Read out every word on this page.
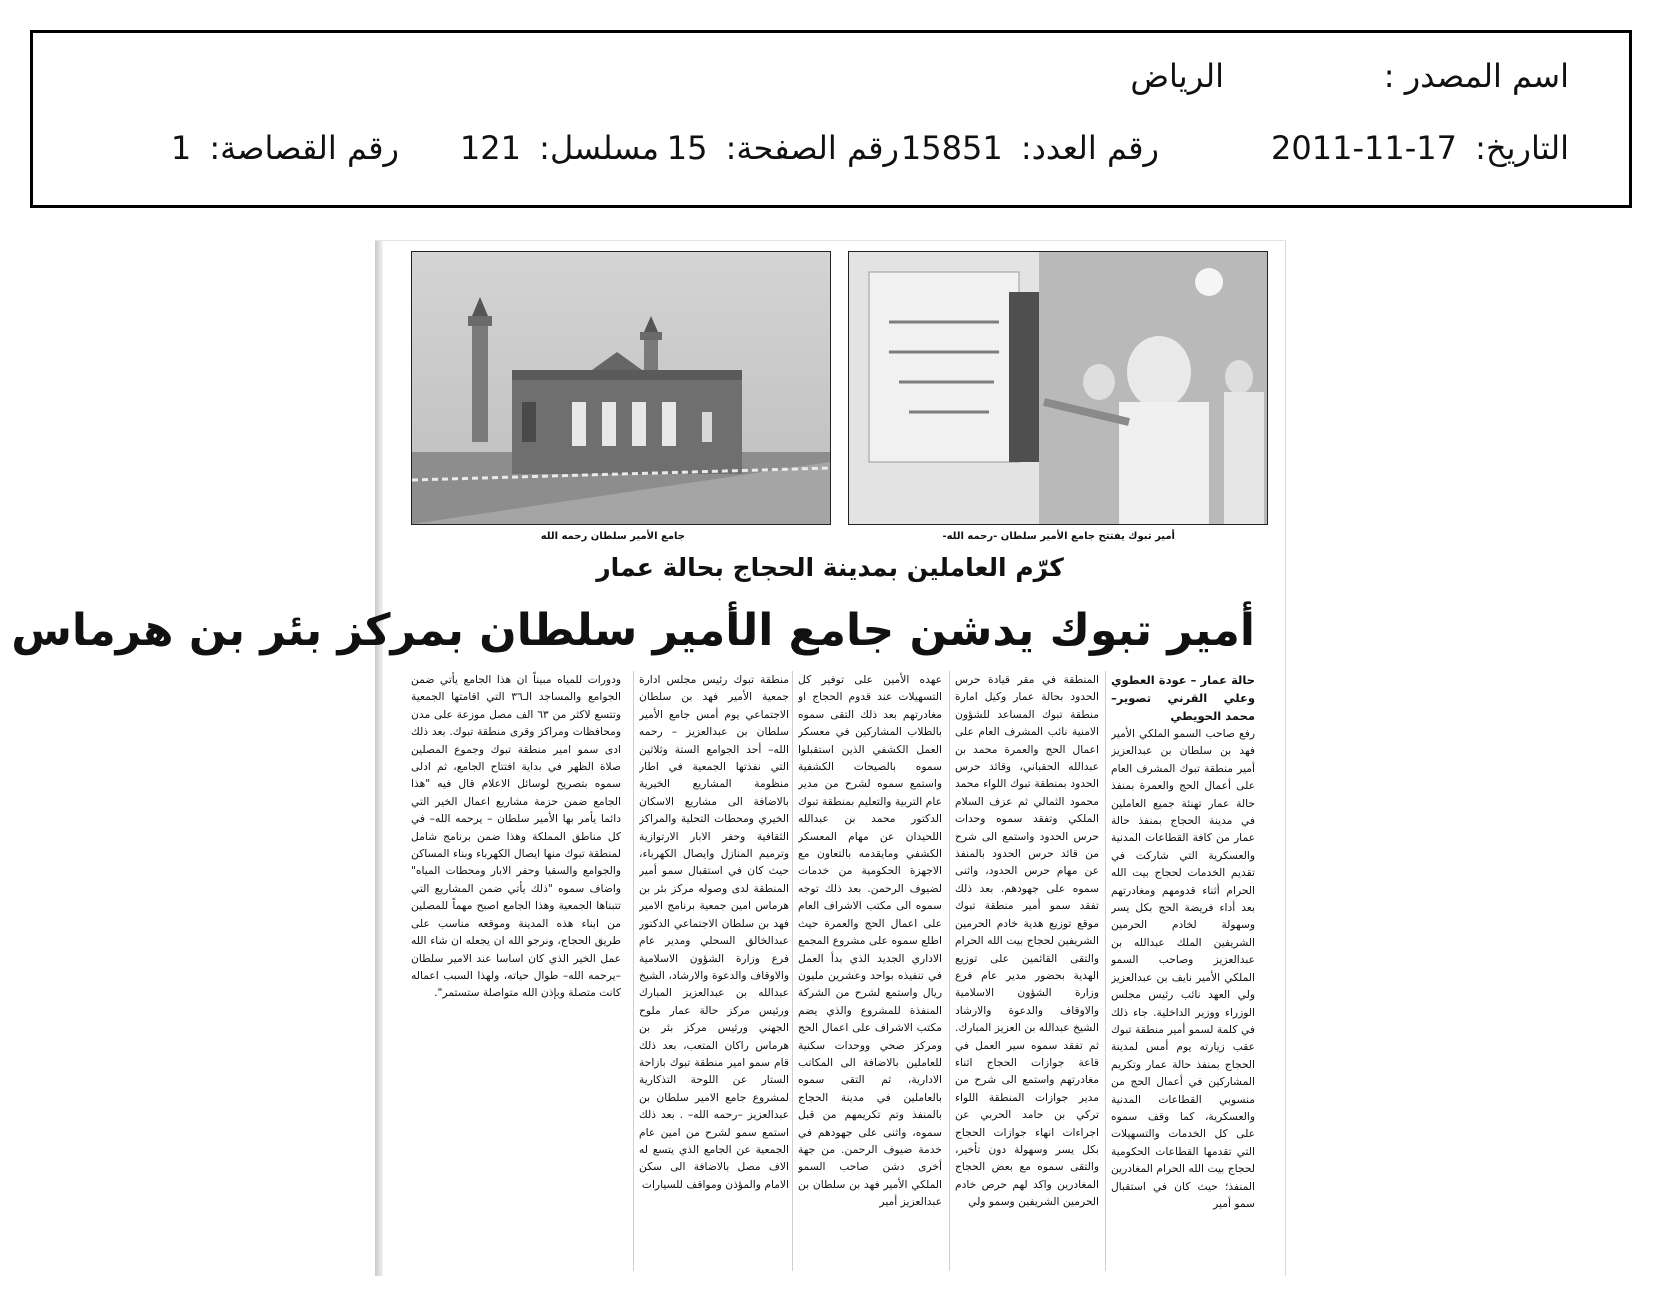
اسم المصدر :
الرياض
التاريخ: 2011-11-17
رقم العدد: 15851
رقم الصفحة: 15
مسلسل: 121
رقم القصاصة: 1
أمير تبوك يفتتح جامع الأمير سلطان -رحمه الله-
جامع الأمير سلطان رحمه الله
كرّم العاملين بمدينة الحجاج بحالة عمار
أمير تبوك يدشن جامع الأمير سلطان بمركز بئر بن هرماس
حالة عمار – عودة العطوي وعلي القرني تصوير– محمد الحويطي
رفع صاحب السمو الملكي الأمير فهد بن سلطان بن عبدالعزيز أمير منطقة تبوك المشرف العام على أعمال الحج والعمرة بمنفذ حالة عمار تهنئة جميع العاملين في مدينة الحجاج بمنفذ حالة عمار من كافة القطاعات المدنية والعسكرية التي شاركت في تقديم الخدمات لحجاج بيت الله الحرام أثناء قدومهم ومغادرتهم بعد أداء فريضة الحج بكل يسر وسهولة لخادم الحرمين الشريفين الملك عبدالله بن عبدالعزيز وصاحب السمو الملكي الأمير نايف بن عبدالعزيز ولي العهد نائب رئيس مجلس الوزراء ووزير الداخلية. جاء ذلك في كلمة لسمو أمير منطقة تبوك عقب زيارته يوم أمس لمدينة الحجاج بمنفذ حالة عمار وتكريم المشاركين في أعمال الحج من منسوبي القطاعات المدنية والعسكرية، كما وقف سموه على كل الخدمات والتسهيلات التي تقدمها القطاعات الحكومية لحجاج بيت الله الحرام المغادرين المنفذ؛ حيث كان في استقبال سمو أمير
المنطقة في مقر قيادة حرس الحدود بحالة عمار وكيل امارة منطقة تبوك المساعد للشؤون الامنية نائب المشرف العام على اعمال الحج والعمرة محمد بن عبدالله الحقباني، وقائد حرس الحدود بمنطقة تبوك اللواء محمد محمود الثمالي ثم عزف السلام الملكي وتفقد سموه وحدات حرس الحدود واستمع الى شرح من قائد حرس الحدود بالمنفذ عن مهام حرس الحدود، واثنى سموه على جهودهم. بعد ذلك تفقد سمو أمير منطقة تبوك موقع توزيع هدية خادم الحرمين الشريفين لحجاج بيت الله الحرام والتقى القائمين على توزيع الهدية بحضور مدير عام فرع وزارة الشؤون الاسلامية والاوقاف والدعوة والارشاد الشيخ عبدالله بن العزيز المبارك. ثم تفقد سموه سير العمل في قاعة جوازات الحجاج اثناء مغادرتهم واستمع الى شرح من مدير جوازات المنطقة اللواء تركي بن حامد الحربي عن اجراءات انهاء جوازات الحجاج بكل يسر وسهولة دون تأخير، والتقى سموه مع بعض الحجاج المغادرين واكد لهم حرص خادم الحرمين الشريفين وسمو ولي
عهده الأمين على توفير كل التسهيلات عند قدوم الحجاج او مغادرتهم بعد ذلك التقى سموه بالطلاب المشاركين في معسكر العمل الكشفي الذين استقبلوا سموه بالصيحات الكشفية واستمع سموه لشرح من مدير عام التربية والتعليم بمنطقة تبوك الدكتور محمد بن عبدالله اللحيدان عن مهام المعسكر الكشفي ومايقدمه بالتعاون مع الاجهزة الحكومية من خدمات لضيوف الرحمن. بعد ذلك توجه سموه الى مكتب الاشراف العام على اعمال الحج والعمرة حيث اطلع سموه على مشروع المجمع الاداري الجديد الذي بدأ العمل في تنفيذه بواحد وعشرين مليون ريال واستمع لشرح من الشركة المنفذة للمشروع والذي يضم مكتب الاشراف على اعمال الحج ومركز صحي ووحدات سكنية للعاملين بالاضافة الى المكاتب الادارية، ثم التقى سموه بالعاملين في مدينة الحجاج بالمنفذ وتم تكريمهم من قبل سموه، واثنى على جهودهم في خدمة ضيوف الرحمن. من جهة أخرى دشن صاحب السمو الملكي الأمير فهد بن سلطان بن عبدالعزيز أمير
منطقة تبوك رئيس مجلس ادارة جمعية الأمير فهد بن سلطان الاجتماعي يوم أمس جامع الأمير سلطان بن عبدالعزيز – رحمه الله– أحد الجوامع الستة وثلاثين التي نفذتها الجمعية في اطار منظومة المشاريع الخيرية بالاضافة الى مشاريع الاسكان الخيري ومحطات التحلية والمراكز الثقافية وحفر الابار الارتوازية وترميم المنازل وايصال الكهرباء، حيث كان في استقبال سمو أمير المنطقة لدى وصوله مركز بئر بن هرماس امين جمعية برنامج الامير فهد بن سلطان الاجتماعي الدكتور عبدالخالق السحلي ومدير عام فرع وزارة الشؤون الاسلامية والاوقاف والدعوة والارشاد، الشيخ عبدالله بن عبدالعزيز المبارك ورئيس مركز حالة عمار ملوح الجهني ورئيس مركز بئر بن هرماس راكان المتعب، بعد ذلك قام سمو امير منطقة تبوك بازاحة الستار عن اللوحة التذكارية لمشروع جامع الامير سلطان بن عبدالعزيز –رحمه الله– . بعد ذلك استمع سمو لشرح من امين عام الجمعية عن الجامع الذي يتسع له الاف مصل بالاضافة الى سكن الامام والمؤذن ومواقف للسيارات
ودورات للمياه مبيناً ان هذا الجامع يأتي ضمن الجوامع والمساجد الـ٣٦ التي اقامتها الجمعية وتتسع لاكثر من ٦٣ الف مصل موزعة على مدن ومحافظات ومراكز وقرى منطقة تبوك. بعد ذلك ادى سمو امير منطقة تبوك وجموع المصلين صلاة الظهر في بداية افتتاح الجامع، ثم ادلى سموه بتصريح لوسائل الاعلام قال فيه "هذا الجامع ضمن حزمة مشاريع اعمال الخير التي دائما يأمر بها الأمير سلطان – يرحمه الله– في كل مناطق المملكة وهذا ضمن برنامج شامل لمنطقة تبوك منها ايصال الكهرباء وبناء المساكن والجوامع والسقيا وحفر الابار ومحطات المياه" واضاف سموه "ذلك يأتي ضمن المشاريع التي تتبناها الجمعية وهذا الجامع اصبح مهماً للمصلين من ابناء هذه المدينة وموقعه مناسب على طريق الحجاج، ونرجو الله ان يجعله ان شاء الله عمل الخير الذي كان اساسا عند الامير سلطان –يرحمه الله– طوال حياته، ولهذا السبب اعماله كانت متصلة وبإذن الله متواصلة ستستمر".
